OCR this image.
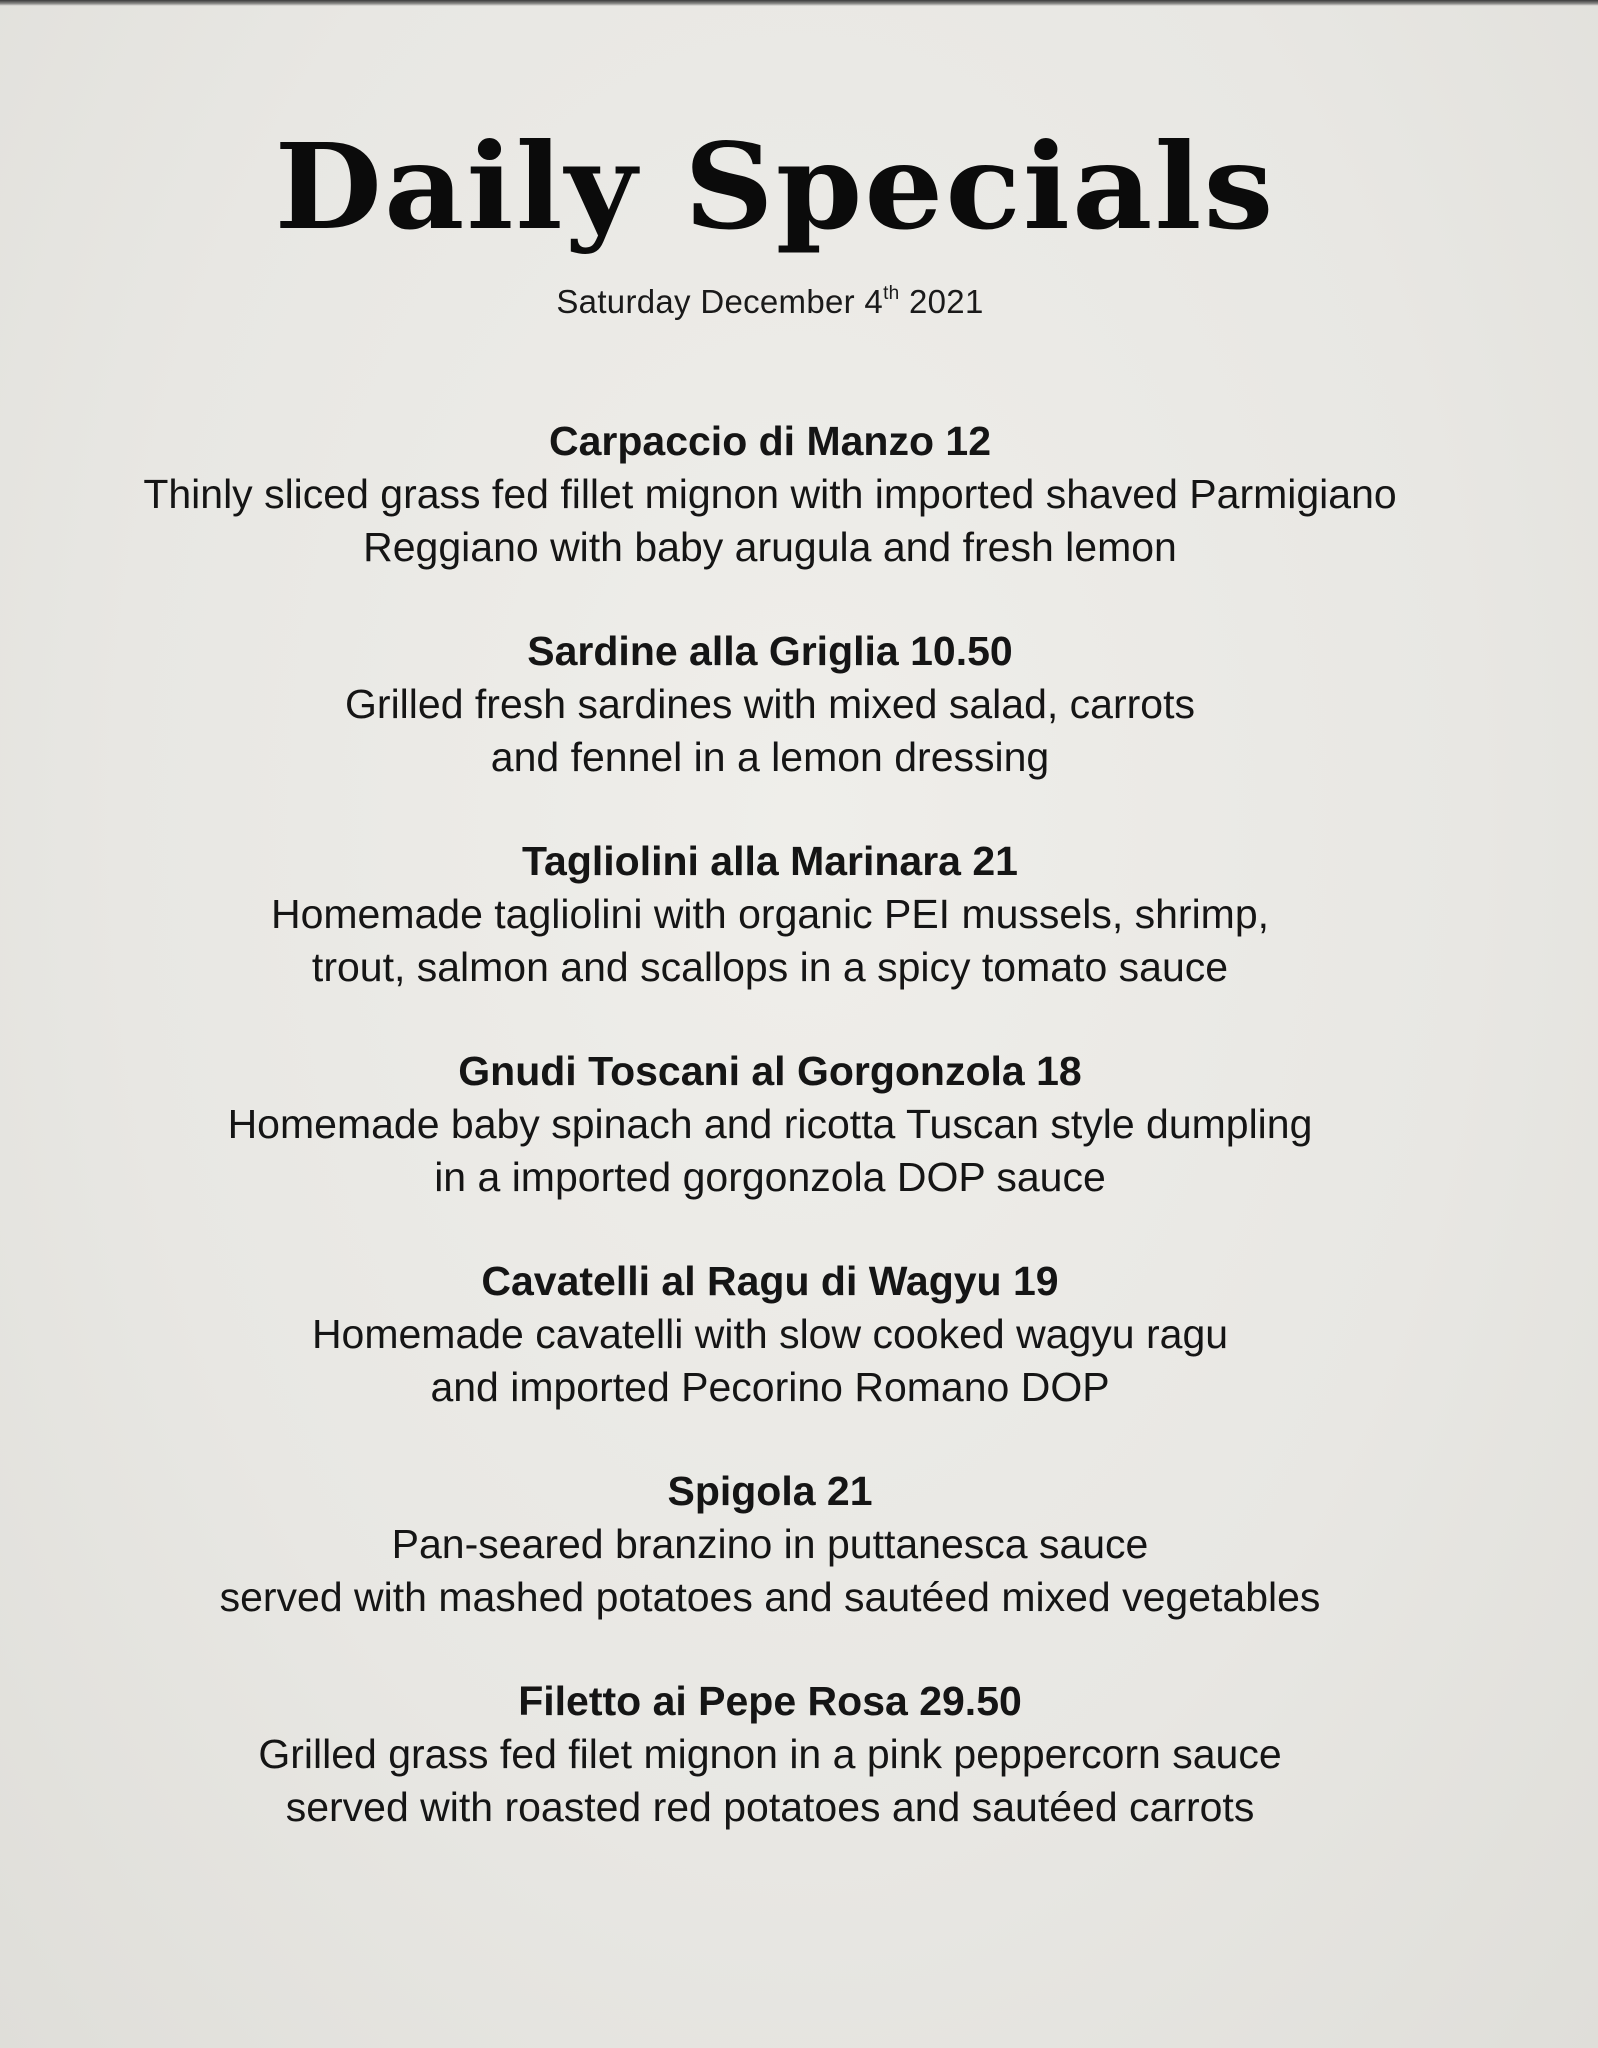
Daily Specials
Saturday December 4th 2021
Carpaccio di Manzo 12
Thinly sliced grass fed fillet mignon with imported shaved Parmigiano
Reggiano with baby arugula and fresh lemon
Sardine alla Griglia 10.50
Grilled fresh sardines with mixed salad, carrots
and fennel in a lemon dressing
Tagliolini alla Marinara 21
Homemade tagliolini with organic PEI mussels, shrimp,
trout, salmon and scallops in a spicy tomato sauce
Gnudi Toscani al Gorgonzola 18
Homemade baby spinach and ricotta Tuscan style dumpling
in a imported gorgonzola DOP sauce
Cavatelli al Ragu di Wagyu 19
Homemade cavatelli with slow cooked wagyu ragu
and imported Pecorino Romano DOP
Spigola 21
Pan-seared branzino in puttanesca sauce
served with mashed potatoes and sautéed mixed vegetables
Filetto ai Pepe Rosa 29.50
Grilled grass fed filet mignon in a pink peppercorn sauce
served with roasted red potatoes and sautéed carrots
